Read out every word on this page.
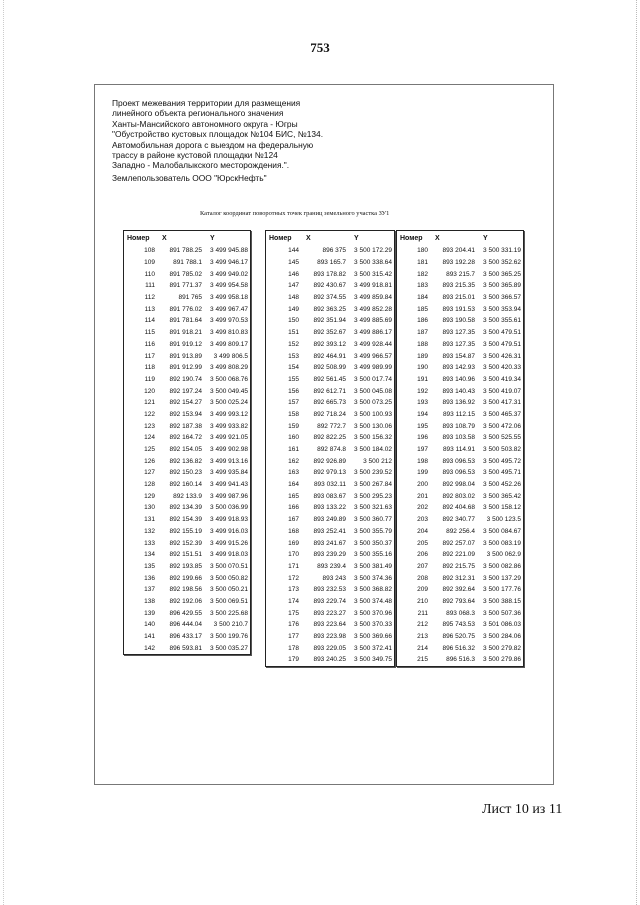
753
Проект межевания территории для размещения
линейного объекта регионального значения
Ханты-Мансийского автономного округа - Югры
"Обустройство кустовых площадок №104 БИС, №134.
Автомобильная дорога с выездом на федеральную
трассу в районе кустовой площадки №124
Западно - Малобалыкского месторождения.".
Землепользователь ООО "ЮрскНефть"

Каталог координат поворотных точек границ земельного участка ЗУ1
Номер	X	Y
108	891 788.25	3 499 945.88
109	891 788.1	3 499 946.17
110	891 785.02	3 499 949.02
111	891 771.37	3 499 954.58
112	891 765	3 499 958.18
113	891 776.02	3 499 967.47
114	891 781.64	3 499 970.53
115	891 918.21	3 499 810.83
116	891 919.12	3 499 809.17
117	891 913.89	3 499 806.5
118	891 912.99	3 499 808.29
119	892 190.74	3 500 068.76
120	892 197.24	3 500 049.45
121	892 154.27	3 500 025.24
122	892 153.94	3 499 993.12
123	892 187.38	3 499 933.82
124	892 164.72	3 499 921.05
125	892 154.05	3 499 902.98
126	892 136.82	3 499 913.16
127	892 150.23	3 499 935.84
128	892 160.14	3 499 941.43
129	892 133.9	3 499 987.96
130	892 134.39	3 500 036.99
131	892 154.39	3 499 918.93
132	892 155.19	3 499 916.03
133	892 152.39	3 499 915.26
134	892 151.51	3 499 918.03
135	892 193.85	3 500 070.51
136	892 199.66	3 500 050.82
137	892 198.56	3 500 050.21
138	892 192.06	3 500 069.51
139	896 429.55	3 500 225.68
140	896 444.04	3 500 210.7
141	896 433.17	3 500 199.76
142	896 593.81	3 500 035.27
Номер	X	Y
144	896 375	3 500 172.29
145	893 165.7	3 500 338.64
146	893 178.82	3 500 315.42
147	892 430.67	3 499 918.81
148	892 374.55	3 499 859.84
149	892 363.25	3 499 852.28
150	892 351.94	3 499 885.69
151	892 352.67	3 499 886.17
152	892 393.12	3 499 928.44
153	892 464.91	3 499 966.57
154	892 508.99	3 499 989.99
155	892 561.45	3 500 017.74
156	892 612.71	3 500 045.08
157	892 665.73	3 500 073.25
158	892 718.24	3 500 100.93
159	892 772.7	3 500 130.06
160	892 822.25	3 500 156.32
161	892 874.8	3 500 184.02
162	892 926.89	3 500 212
163	892 979.13	3 500 239.52
164	893 032.11	3 500 267.84
165	893 083.67	3 500 295.23
166	893 133.22	3 500 321.63
167	893 249.89	3 500 360.77
168	893 252.41	3 500 355.79
169	893 241.67	3 500 350.37
170	893 239.29	3 500 355.16
171	893 239.4	3 500 381.49
172	893 243	3 500 374.36
173	893 232.53	3 500 368.82
174	893 229.74	3 500 374.48
175	893 223.27	3 500 370.96
176	893 223.64	3 500 370.33
177	893 223.98	3 500 369.66
178	893 229.05	3 500 372.41
179	893 240.25	3 500 349.75
Номер	X	Y
180	893 204.41	3 500 331.19
181	893 192.28	3 500 352.62
182	893 215.7	3 500 365.25
183	893 215.35	3 500 365.89
184	893 215.01	3 500 366.57
185	893 191.53	3 500 353.94
186	893 190.58	3 500 355.61
187	893 127.35	3 500 479.51
188	893 127.35	3 500 479.51
189	893 154.87	3 500 426.31
190	893 142.93	3 500 420.33
191	893 140.96	3 500 419.34
192	893 140.43	3 500 419.07
193	893 136.92	3 500 417.31
194	893 112.15	3 500 465.37
195	893 108.79	3 500 472.06
196	893 103.58	3 500 525.55
197	893 114.91	3 500 503.82
198	893 096.53	3 500 495.72
199	893 096.53	3 500 495.71
200	892 998.04	3 500 452.26
201	892 803.02	3 500 365.42
202	892 404.68	3 500 158.12
203	892 340.77	3 500 123.5
204	892 256.4	3 500 084.67
205	892 257.07	3 500 083.19
206	892 221.09	3 500 062.9
207	892 215.75	3 500 082.86
208	892 312.31	3 500 137.29
209	892 392.64	3 500 177.76
210	892 793.64	3 500 388.15
211	893 068.3	3 500 507.36
212	895 743.53	3 501 086.03
213	896 520.75	3 500 284.06
214	896 516.32	3 500 279.82
215	896 516.3	3 500 279.86
Лист 10 из 11
